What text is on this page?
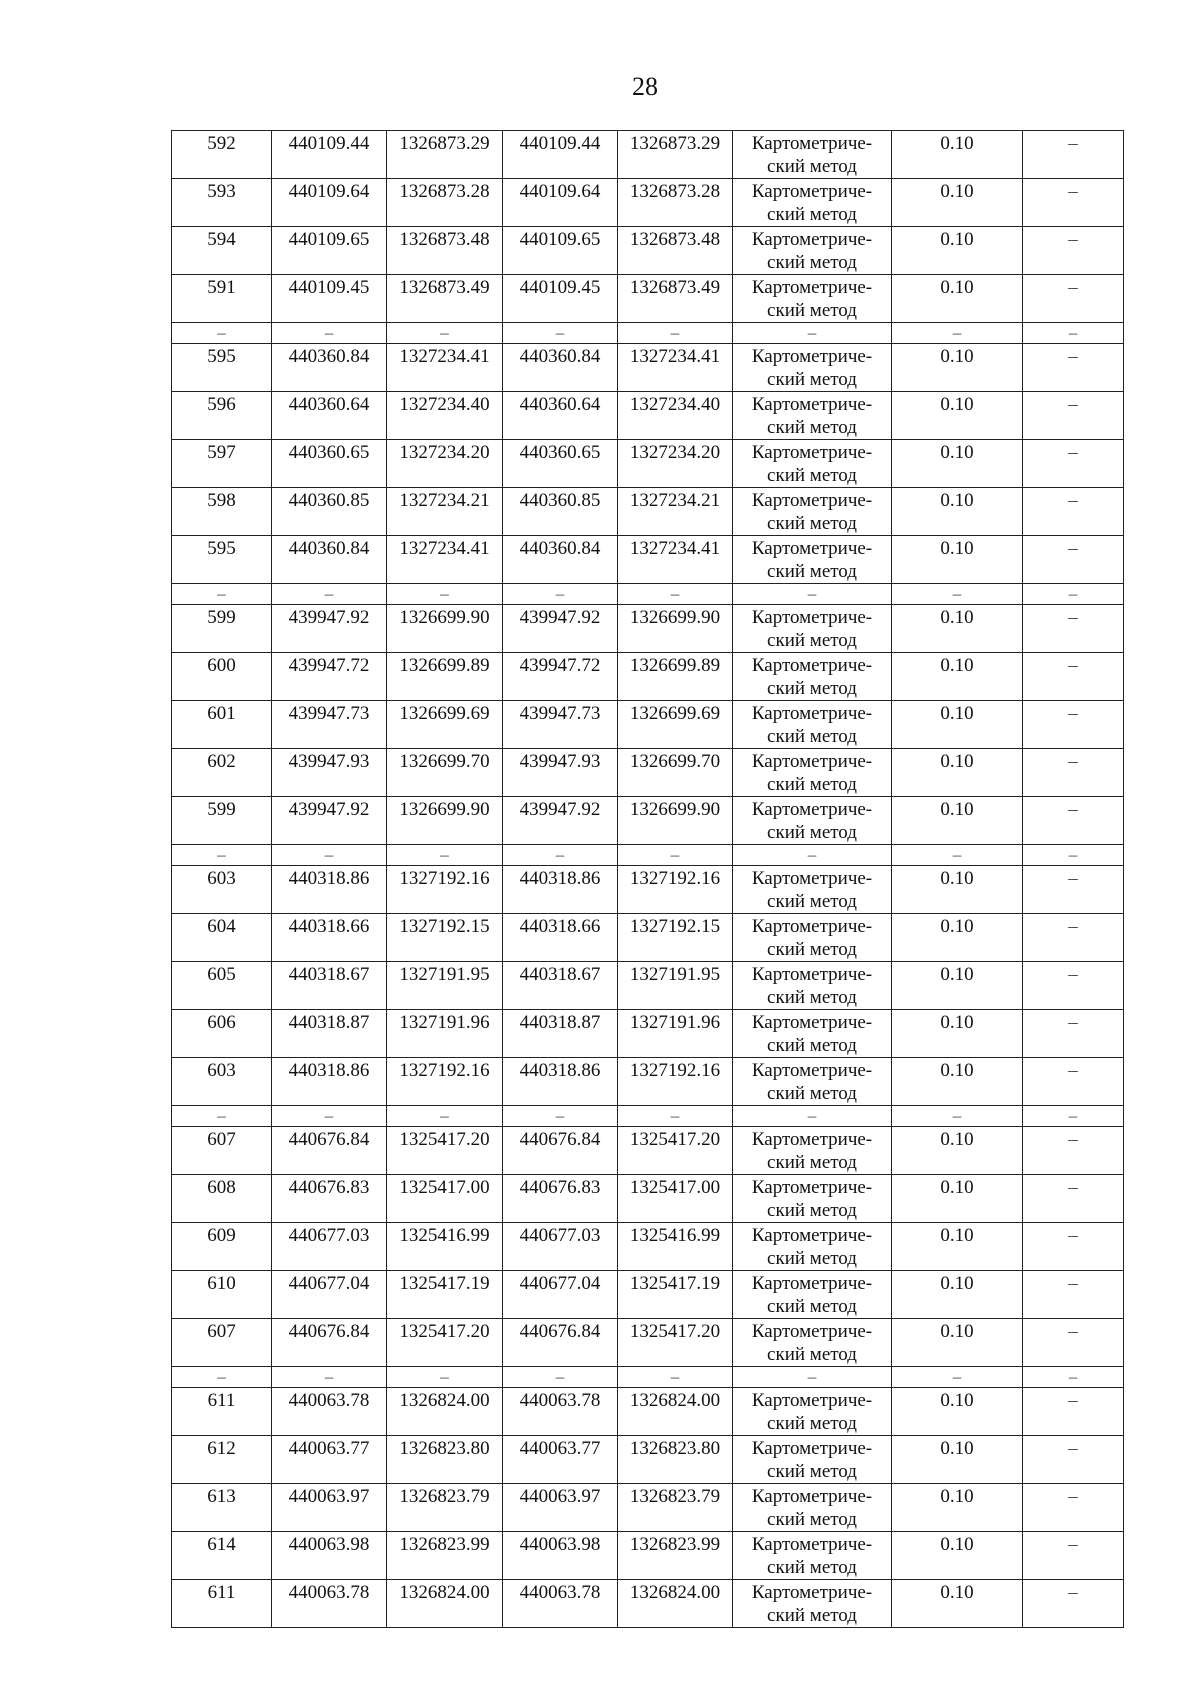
28
592	440109.44	1326873.29	440109.44	1326873.29	Картометриче-
ский метод	0.10	–
593	440109.64	1326873.28	440109.64	1326873.28	Картометриче-
ский метод	0.10	–
594	440109.65	1326873.48	440109.65	1326873.48	Картометриче-
ский метод	0.10	–
591	440109.45	1326873.49	440109.45	1326873.49	Картометриче-
ский метод	0.10	–
–	–	–	–	–	–	–	–
595	440360.84	1327234.41	440360.84	1327234.41	Картометриче-
ский метод	0.10	–
596	440360.64	1327234.40	440360.64	1327234.40	Картометриче-
ский метод	0.10	–
597	440360.65	1327234.20	440360.65	1327234.20	Картометриче-
ский метод	0.10	–
598	440360.85	1327234.21	440360.85	1327234.21	Картометриче-
ский метод	0.10	–
595	440360.84	1327234.41	440360.84	1327234.41	Картометриче-
ский метод	0.10	–
–	–	–	–	–	–	–	–
599	439947.92	1326699.90	439947.92	1326699.90	Картометриче-
ский метод	0.10	–
600	439947.72	1326699.89	439947.72	1326699.89	Картометриче-
ский метод	0.10	–
601	439947.73	1326699.69	439947.73	1326699.69	Картометриче-
ский метод	0.10	–
602	439947.93	1326699.70	439947.93	1326699.70	Картометриче-
ский метод	0.10	–
599	439947.92	1326699.90	439947.92	1326699.90	Картометриче-
ский метод	0.10	–
–	–	–	–	–	–	–	–
603	440318.86	1327192.16	440318.86	1327192.16	Картометриче-
ский метод	0.10	–
604	440318.66	1327192.15	440318.66	1327192.15	Картометриче-
ский метод	0.10	–
605	440318.67	1327191.95	440318.67	1327191.95	Картометриче-
ский метод	0.10	–
606	440318.87	1327191.96	440318.87	1327191.96	Картометриче-
ский метод	0.10	–
603	440318.86	1327192.16	440318.86	1327192.16	Картометриче-
ский метод	0.10	–
–	–	–	–	–	–	–	–
607	440676.84	1325417.20	440676.84	1325417.20	Картометриче-
ский метод	0.10	–
608	440676.83	1325417.00	440676.83	1325417.00	Картометриче-
ский метод	0.10	–
609	440677.03	1325416.99	440677.03	1325416.99	Картометриче-
ский метод	0.10	–
610	440677.04	1325417.19	440677.04	1325417.19	Картометриче-
ский метод	0.10	–
607	440676.84	1325417.20	440676.84	1325417.20	Картометриче-
ский метод	0.10	–
–	–	–	–	–	–	–	–
611	440063.78	1326824.00	440063.78	1326824.00	Картометриче-
ский метод	0.10	–
612	440063.77	1326823.80	440063.77	1326823.80	Картометриче-
ский метод	0.10	–
613	440063.97	1326823.79	440063.97	1326823.79	Картометриче-
ский метод	0.10	–
614	440063.98	1326823.99	440063.98	1326823.99	Картометриче-
ский метод	0.10	–
611	440063.78	1326824.00	440063.78	1326824.00	Картометриче-
ский метод	0.10	–
